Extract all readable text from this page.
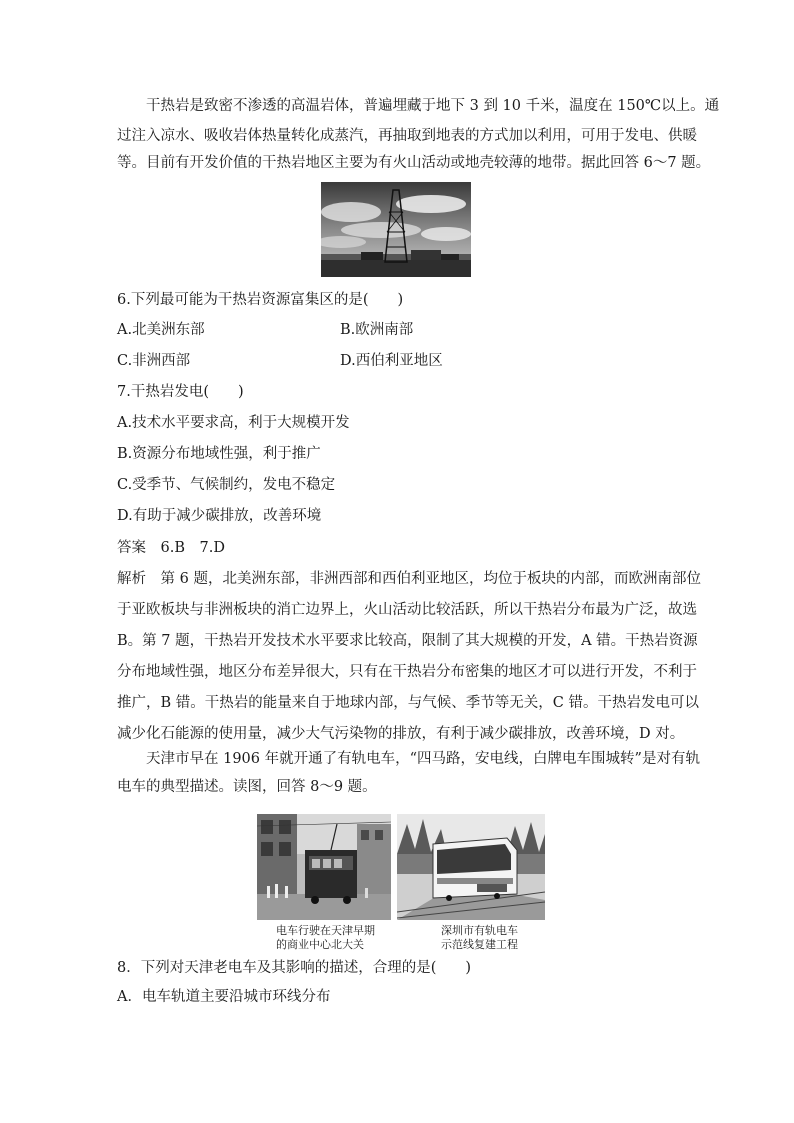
干热岩是致密不渗透的高温岩体，普遍埋藏于地下 3 到 10 千米，温度在 150℃以上。通
过注入凉水、吸收岩体热量转化成蒸汽，再抽取到地表的方式加以利用，可用于发电、供暖
等。目前有开发价值的干热岩地区主要为有火山活动或地壳较薄的地带。据此回答 6～7 题。
6.下列最可能为干热岩资源富集区的是(　　)
A.北美洲东部	B.欧洲南部
C.非洲西部	D.西伯利亚地区
7.干热岩发电(　　)
A.技术水平要求高，利于大规模开发
B.资源分布地域性强，利于推广
C.受季节、气候制约，发电不稳定
D.有助于减少碳排放，改善环境
答案　6.B　7.D
解析　第 6 题，北美洲东部，非洲西部和西伯利亚地区，均位于板块的内部，而欧洲南部位
于亚欧板块与非洲板块的消亡边界上，火山活动比较活跃，所以干热岩分布最为广泛，故选
B。第 7 题，干热岩开发技术水平要求比较高，限制了其大规模的开发，A 错。干热岩资源
分布地域性强，地区分布差异很大，只有在干热岩分布密集的地区才可以进行开发，不利于
推广，B 错。干热岩的能量来自于地球内部，与气候、季节等无关，C 错。干热岩发电可以
减少化石能源的使用量，减少大气污染物的排放，有利于减少碳排放，改善环境，D 对。
天津市早在 1906 年就开通了有轨电车，“四马路，安电线，白牌电车围城转”是对有轨
电车的典型描述。读图，回答 8～9 题。
电车行驶在天津早期
的商业中心北大关
深圳市有轨电车
示范线复建工程
8．下列对天津老电车及其影响的描述，合理的是(　　)
A．电车轨道主要沿城市环线分布
